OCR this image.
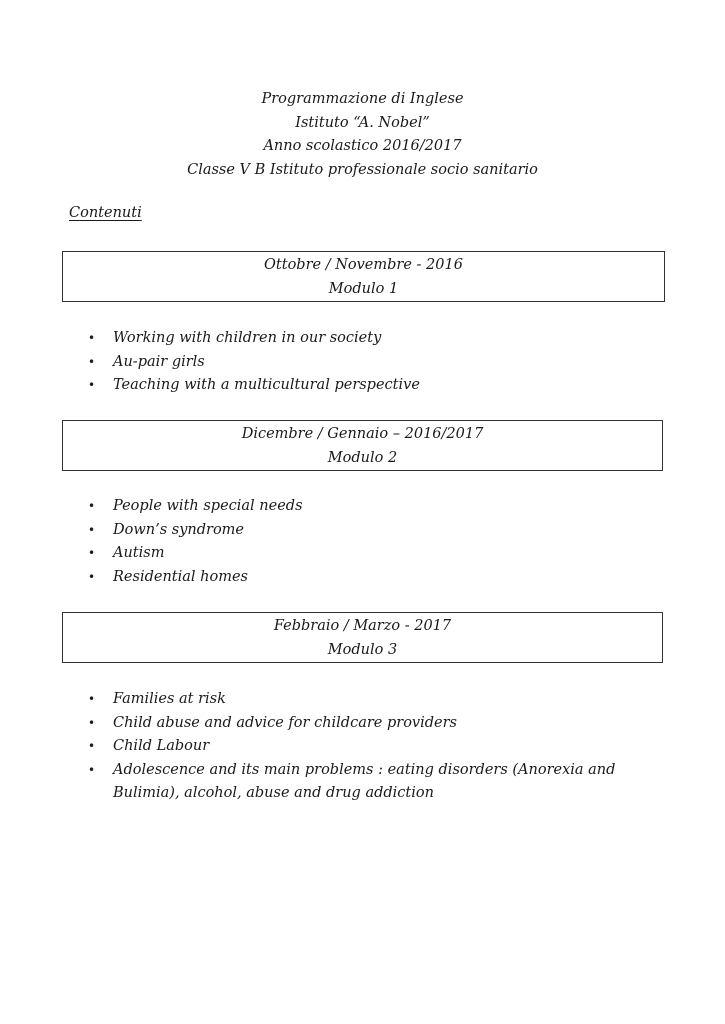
Programmazione di Inglese
Istituto “A. Nobel”
Anno scolastico 2016/2017
Classe V B Istituto professionale socio sanitario
Contenuti
Ottobre / Novembre - 2016
Modulo 1
• Working with children in our society
• Au-pair girls
• Teaching with a multicultural perspective
Dicembre / Gennaio – 2016/2017
Modulo 2
• People with special needs
• Down’s syndrome
• Autism
• Residential homes
Febbraio / Marzo - 2017
Modulo 3
• Families at risk
• Child abuse and advice for childcare providers
• Child Labour
• Adolescence and its main problems : eating disorders (Anorexia and Bulimia), alcohol, abuse and drug addiction
